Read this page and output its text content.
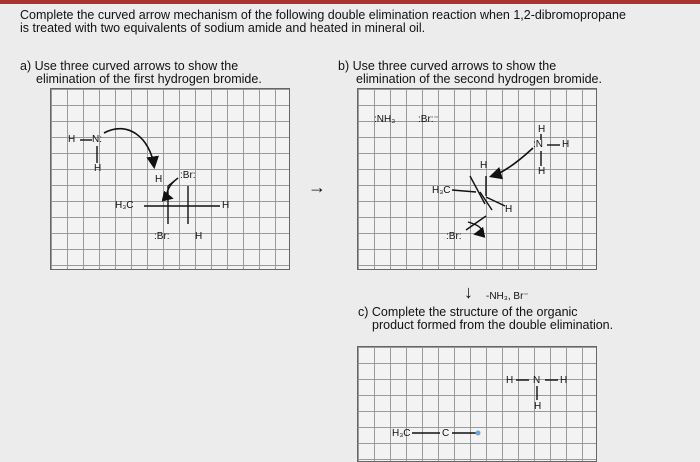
Complete the curved arrow mechanism of the following double elimination reaction when 1,2-dibromopropane
is treated with two equivalents of sodium amide and heated in mineral oil.
a) Use three curved arrows to show the
elimination of the first hydrogen bromide.
b) Use three curved arrows to show the
elimination of the second hydrogen bromide.
c) Complete the structure of the organic
product formed from the double elimination.
→
↓ -NH₃, Br⁻
H N:
H
H :Br:
H₃C	H
:Br:	H
:NH₃ :Br:⁻
:N H
H
H
H
H₃C
H
:Br:
H N H
H
H₃C	C
